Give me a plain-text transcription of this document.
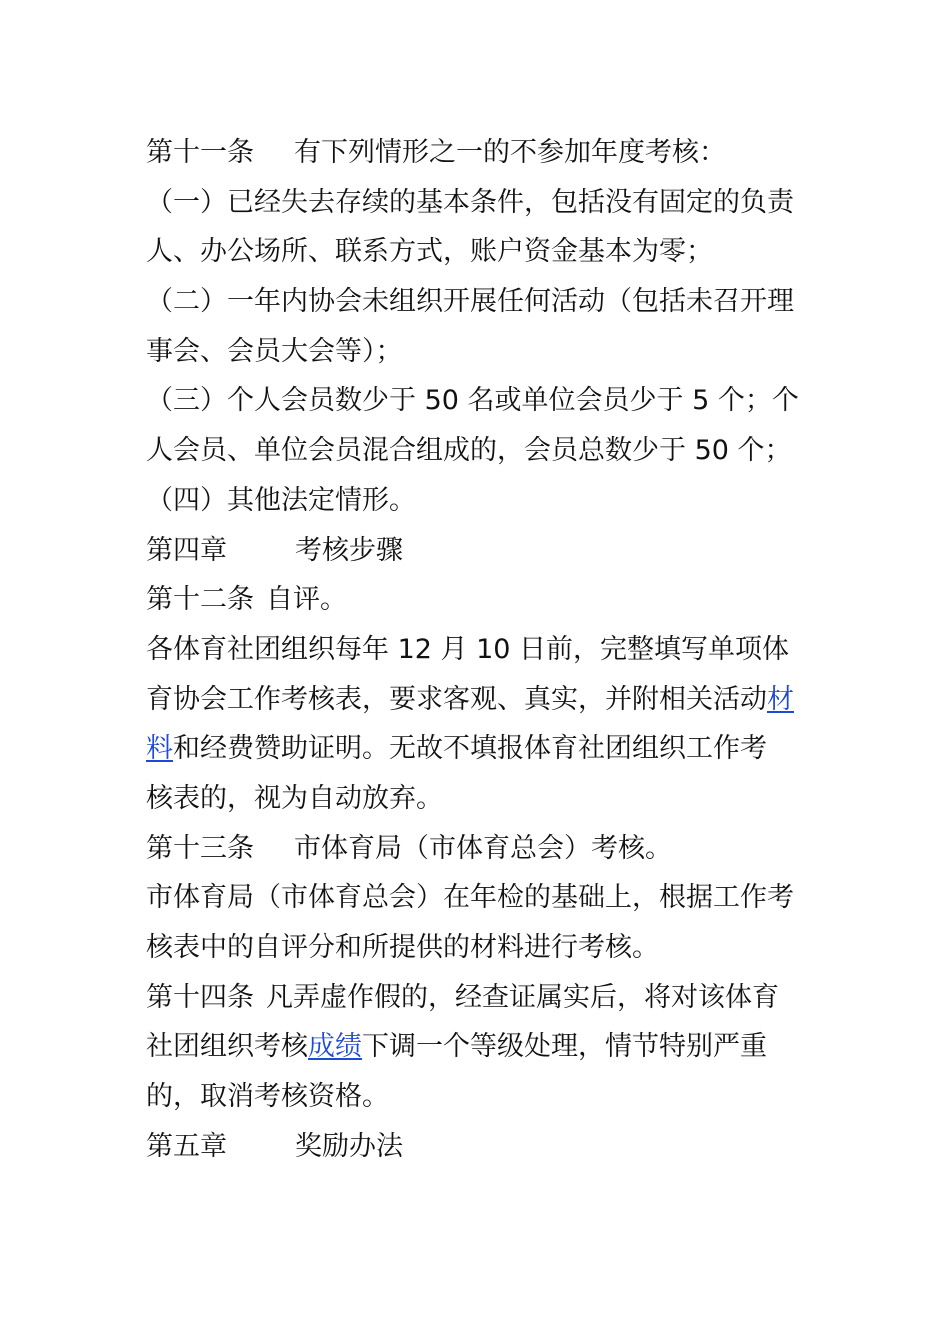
第十一条 有下列情形之一的不参加年度考核：
（一）已经失去存续的基本条件，包括没有固定的负责
人、办公场所、联系方式，账户资金基本为零；
（二）一年内协会未组织开展任何活动（包括未召开理
事会、会员大会等）；
（三）个人会员数少于 50 名或单位会员少于 5 个；个
人会员、单位会员混合组成的，会员总数少于 50 个；
（四）其他法定情形。
第四章	考核步骤
第十二条 自评。
各体育社团组织每年 12 月 10 日前，完整填写单项体
育协会工作考核表，要求客观、真实，并附相关活动材
料和经费赞助证明。无故不填报体育社团组织工作考
核表的，视为自动放弃。
第十三条 市体育局（市体育总会）考核。
市体育局（市体育总会）在年检的基础上，根据工作考
核表中的自评分和所提供的材料进行考核。
第十四条 凡弄虚作假的，经查证属实后，将对该体育
社团组织考核成绩下调一个等级处理，情节特别严重
的，取消考核资格。
第五章	奖励办法
